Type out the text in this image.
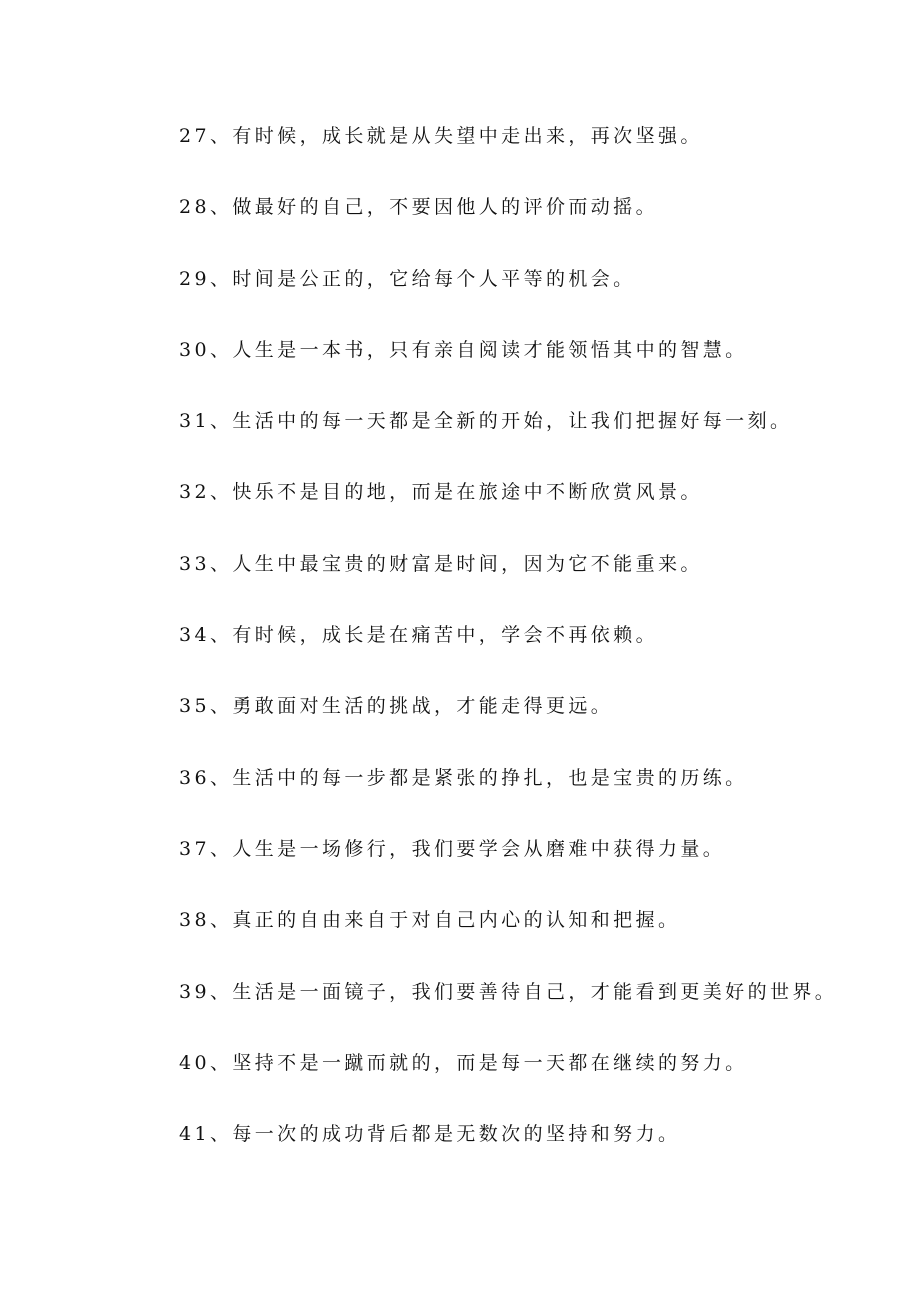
27、有时候，成长就是从失望中走出来，再次坚强。
28、做最好的自己，不要因他人的评价而动摇。
29、时间是公正的，它给每个人平等的机会。
30、人生是一本书，只有亲自阅读才能领悟其中的智慧。
31、生活中的每一天都是全新的开始，让我们把握好每一刻。
32、快乐不是目的地，而是在旅途中不断欣赏风景。
33、人生中最宝贵的财富是时间，因为它不能重来。
34、有时候，成长是在痛苦中，学会不再依赖。
35、勇敢面对生活的挑战，才能走得更远。
36、生活中的每一步都是紧张的挣扎，也是宝贵的历练。
37、人生是一场修行，我们要学会从磨难中获得力量。
38、真正的自由来自于对自己内心的认知和把握。
39、生活是一面镜子，我们要善待自己，才能看到更美好的世界。
40、坚持不是一蹴而就的，而是每一天都在继续的努力。
41、每一次的成功背后都是无数次的坚持和努力。
